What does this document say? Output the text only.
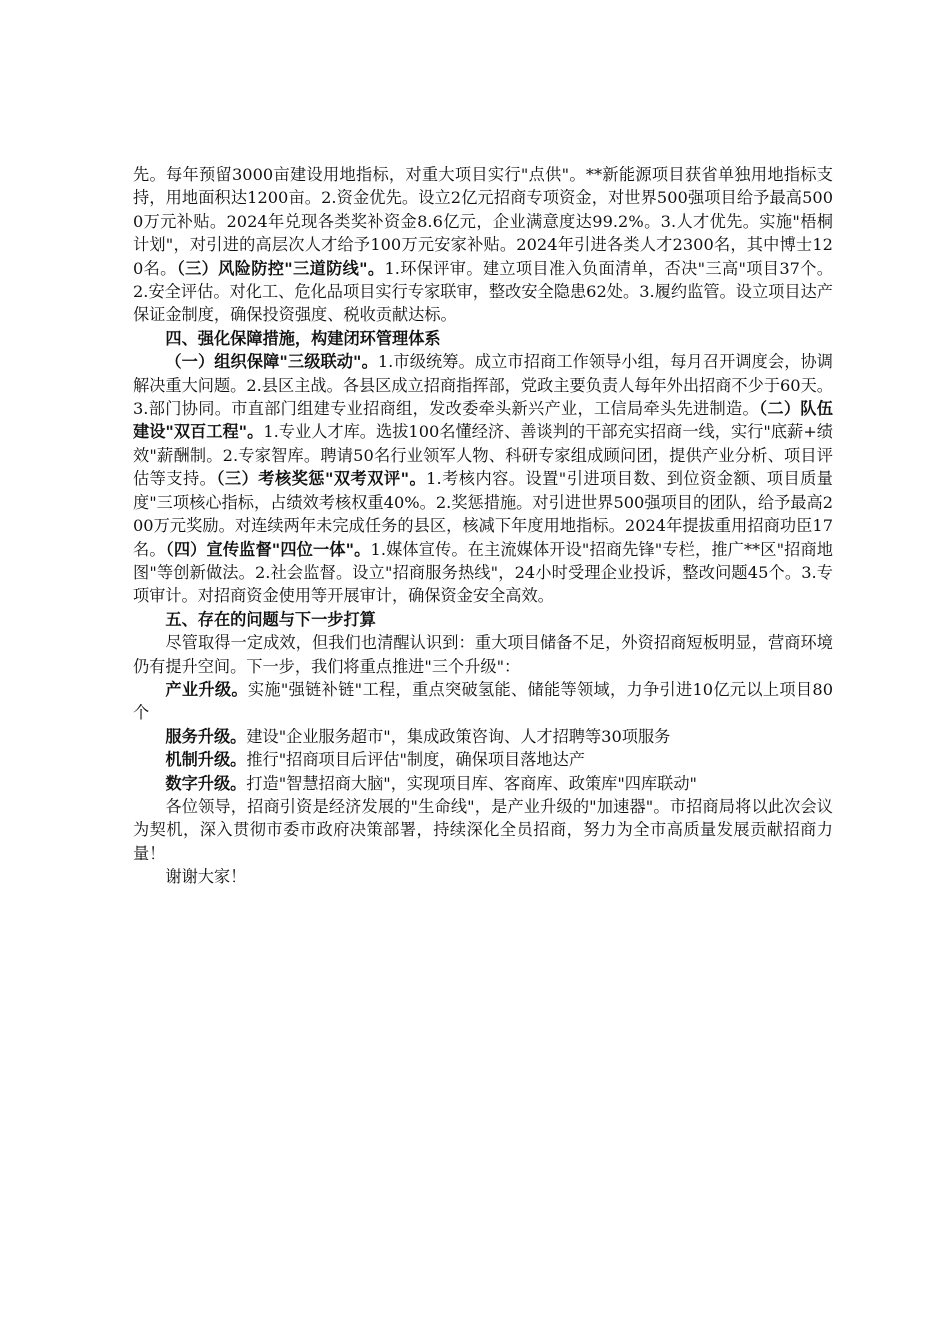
先。每年预留3000亩建设用地指标，对重大项目实行"点供"。**新能源项目获省单独用地指标支持，用地面积达1200亩。2.资金优先。设立2亿元招商专项资金，对世界500强项目给予最高5000万元补贴。2024年兑现各类奖补资金8.6亿元，企业满意度达99.2%。3.人才优先。实施"梧桐计划"，对引进的高层次人才给予100万元安家补贴。2024年引进各类人才2300名，其中博士120名。（三）风险防控"三道防线"。1.环保评审。建立项目准入负面清单，否决"三高"项目37个。2.安全评估。对化工、危化品项目实行专家联审，整改安全隐患62处。3.履约监管。设立项目达产保证金制度，确保投资强度、税收贡献达标。

四、强化保障措施，构建闭环管理体系

（一）组织保障"三级联动"。1.市级统筹。成立市招商工作领导小组，每月召开调度会，协调解决重大问题。2.县区主战。各县区成立招商指挥部，党政主要负责人每年外出招商不少于60天。3.部门协同。市直部门组建专业招商组，发改委牵头新兴产业，工信局牵头先进制造。（二）队伍建设"双百工程"。1.专业人才库。选拔100名懂经济、善谈判的干部充实招商一线，实行"底薪+绩效"薪酬制。2.专家智库。聘请50名行业领军人物、科研专家组成顾问团，提供产业分析、项目评估等支持。（三）考核奖惩"双考双评"。1.考核内容。设置"引进项目数、到位资金额、项目质量度"三项核心指标，占绩效考核权重40%。2.奖惩措施。对引进世界500强项目的团队，给予最高200万元奖励。对连续两年未完成任务的县区，核减下年度用地指标。2024年提拔重用招商功臣17名。（四）宣传监督"四位一体"。1.媒体宣传。在主流媒体开设"招商先锋"专栏，推广**区"招商地图"等创新做法。2.社会监督。设立"招商服务热线"，24小时受理企业投诉，整改问题45个。3.专项审计。对招商资金使用等开展审计，确保资金安全高效。

五、存在的问题与下一步打算

尽管取得一定成效，但我们也清醒认识到：重大项目储备不足，外资招商短板明显，营商环境仍有提升空间。下一步，我们将重点推进"三个升级"：

产业升级。实施"强链补链"工程，重点突破氢能、储能等领域，力争引进10亿元以上项目80个

服务升级。建设"企业服务超市"，集成政策咨询、人才招聘等30项服务

机制升级。推行"招商项目后评估"制度，确保项目落地达产

数字升级。打造"智慧招商大脑"，实现项目库、客商库、政策库"四库联动"

各位领导，招商引资是经济发展的"生命线"，是产业升级的"加速器"。市招商局将以此次会议为契机，深入贯彻市委市政府决策部署，持续深化全员招商，努力为全市高质量发展贡献招商力量！

谢谢大家！
